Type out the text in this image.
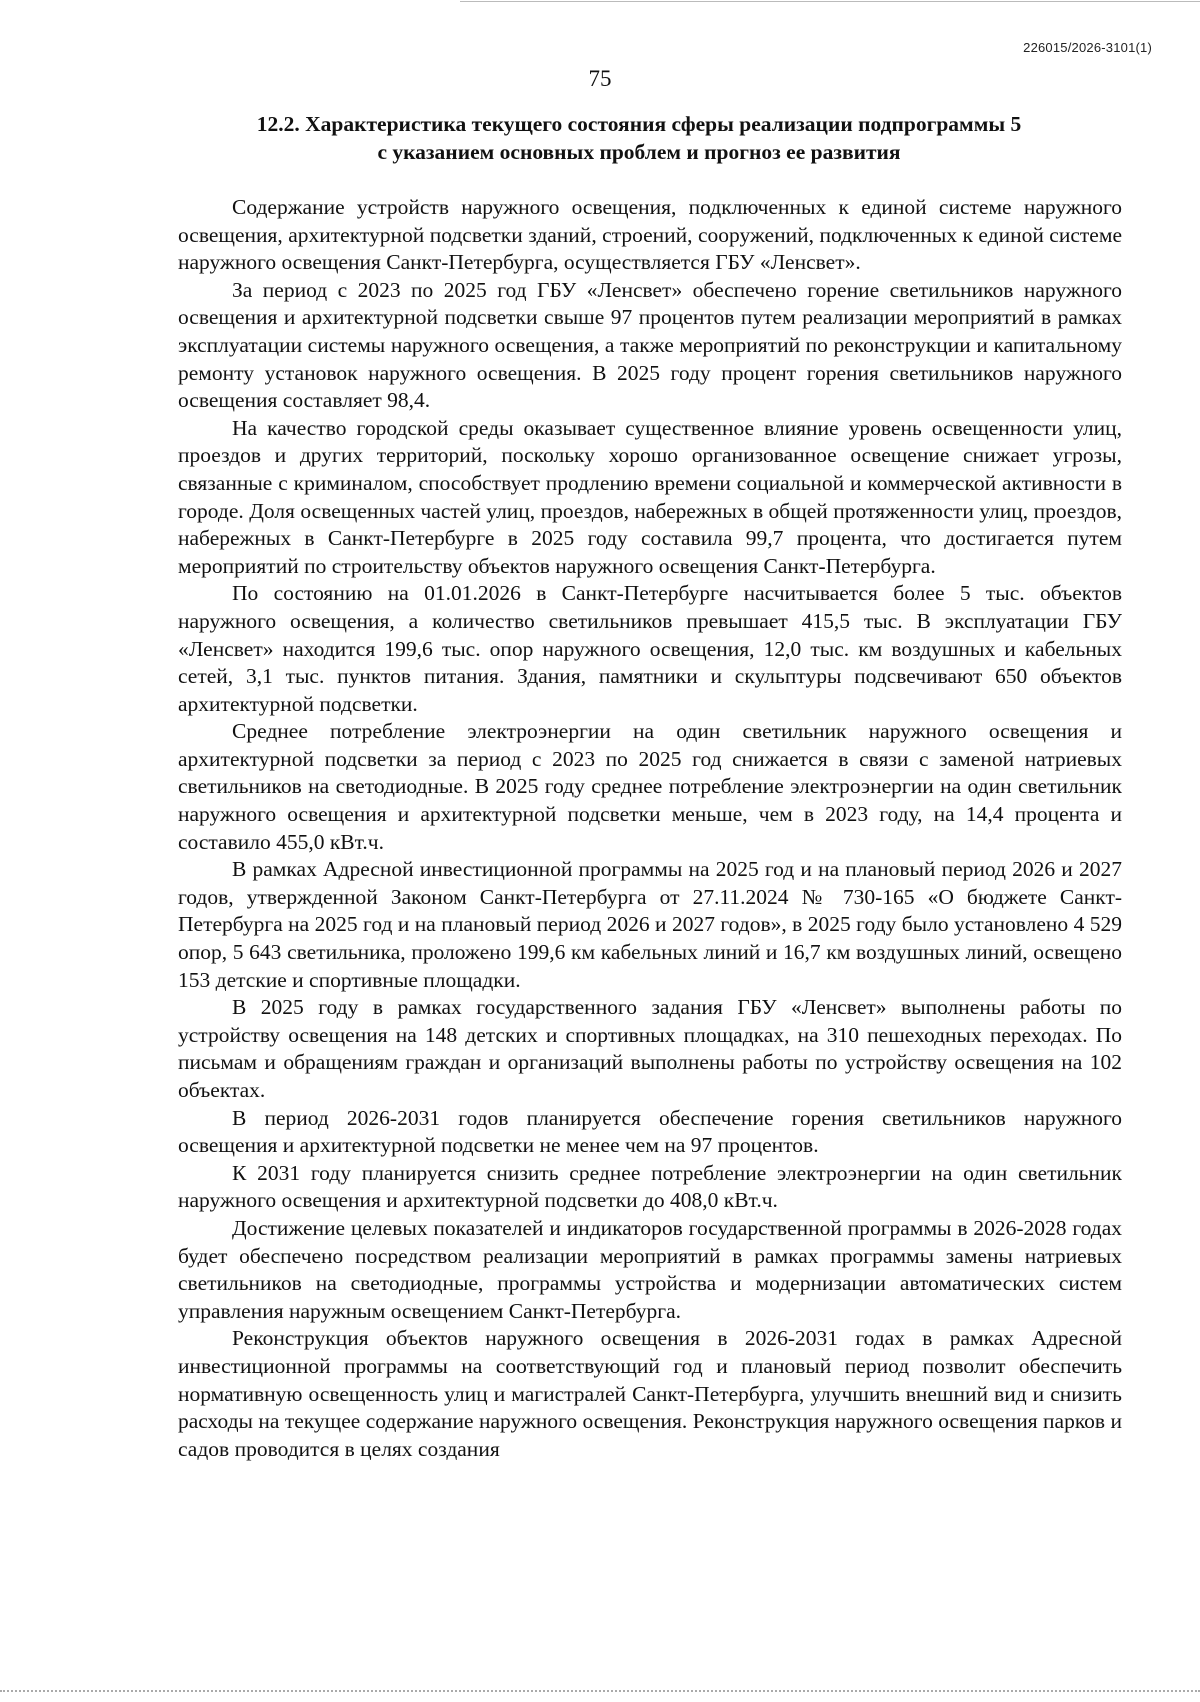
226015/2026-3101(1)
75
12.2. Характеристика текущего состояния сферы реализации подпрограммы 5
с указанием основных проблем и прогноз ее развития

Содержание устройств наружного освещения, подключенных к единой системе наружного освещения, архитектурной подсветки зданий, строений, сооружений, подключенных к единой системе наружного освещения Санкт-Петербурга, осуществляется ГБУ «Ленсвет».

За период с 2023 по 2025 год ГБУ «Ленсвет» обеспечено горение светильников наружного освещения и архитектурной подсветки свыше 97 процентов путем реализации мероприятий в рамках эксплуатации системы наружного освещения, а также мероприятий по реконструкции и капитальному ремонту установок наружного освещения. В 2025 году процент горения светильников наружного освещения составляет 98,4.

На качество городской среды оказывает существенное влияние уровень освещенности улиц, проездов и других территорий, поскольку хорошо организованное освещение снижает угрозы, связанные с криминалом, способствует продлению времени социальной и коммерческой активности в городе. Доля освещенных частей улиц, проездов, набережных в общей протяженности улиц, проездов, набережных в Санкт-Петербурге в 2025 году составила 99,7 процента, что достигается путем мероприятий по строительству объектов наружного освещения Санкт-Петербурга.

По состоянию на 01.01.2026 в Санкт-Петербурге насчитывается более 5 тыс. объектов наружного освещения, а количество светильников превышает 415,5 тыс. В эксплуатации ГБУ «Ленсвет» находится 199,6 тыс. опор наружного освещения, 12,0 тыс. км воздушных и кабельных сетей, 3,1 тыс. пунктов питания. Здания, памятники и скульптуры подсвечивают 650 объектов архитектурной подсветки.

Среднее потребление электроэнергии на один светильник наружного освещения и архитектурной подсветки за период с 2023 по 2025 год снижается в связи с заменой натриевых светильников на светодиодные. В 2025 году среднее потребление электроэнергии на один светильник наружного освещения и архитектурной подсветки меньше, чем в 2023 году, на 14,4 процента и составило 455,0 кВт.ч.

В рамках Адресной инвестиционной программы на 2025 год и на плановый период 2026 и 2027 годов, утвержденной Законом Санкт-Петербурга от 27.11.2024 № 730-165 «О бюджете Санкт-Петербурга на 2025 год и на плановый период 2026 и 2027 годов», в 2025 году было установлено 4 529 опор, 5 643 светильника, проложено 199,6 км кабельных линий и 16,7 км воздушных линий, освещено 153 детские и спортивные площадки.

В 2025 году в рамках государственного задания ГБУ «Ленсвет» выполнены работы по устройству освещения на 148 детских и спортивных площадках, на 310 пешеходных переходах. По письмам и обращениям граждан и организаций выполнены работы по устройству освещения на 102 объектах.

В период 2026-2031 годов планируется обеспечение горения светильников наружного освещения и архитектурной подсветки не менее чем на 97 процентов.

К 2031 году планируется снизить среднее потребление электроэнергии на один светильник наружного освещения и архитектурной подсветки до 408,0 кВт.ч.

Достижение целевых показателей и индикаторов государственной программы в 2026-2028 годах будет обеспечено посредством реализации мероприятий в рамках программы замены натриевых светильников на светодиодные, программы устройства и модернизации автоматических систем управления наружным освещением Санкт-Петербурга.

Реконструкция объектов наружного освещения в 2026-2031 годах в рамках Адресной инвестиционной программы на соответствующий год и плановый период позволит обеспечить нормативную освещенность улиц и магистралей Санкт-Петербурга, улучшить внешний вид и снизить расходы на текущее содержание наружного освещения. Реконструкция наружного освещения парков и садов проводится в целях создания
